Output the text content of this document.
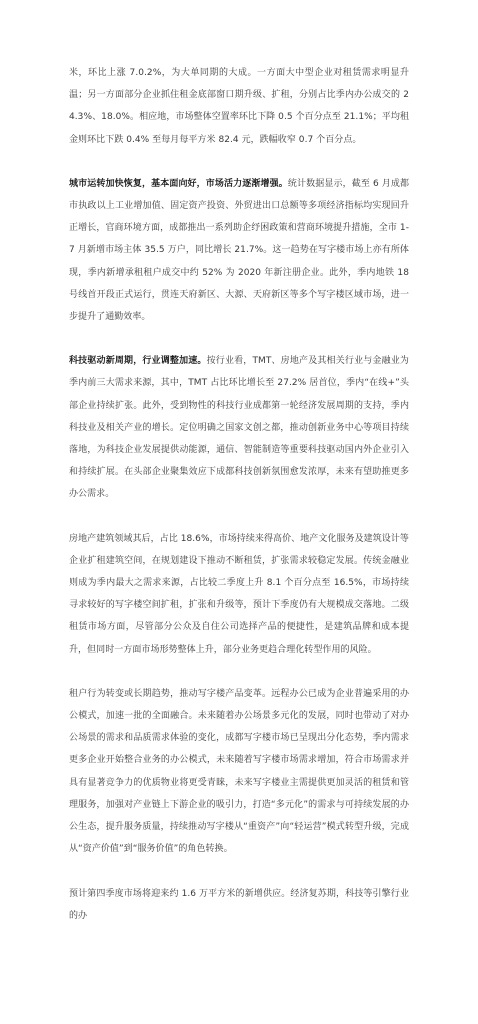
米，环比上涨 7.0.2%，为大单同期的大成。一方面大中型企业对租赁需求明显升温；另一方面部分企业抓住租金底部窗口期升级、扩租，分别占比季内办公成交的 24.3%、18.0%。相应地，市场整体空置率环比下降 0.5 个百分点至 21.1%；平均租金则环比下跌 0.4% 至每月每平方米 82.4 元，跌幅收窄 0.7 个百分点。

城市运转加快恢复，基本面向好，市场活力逐渐增强。统计数据显示，截至 6 月成都市执政以上工业增加值、固定资产投资、外贸进出口总额等多项经济指标均实现回升正增长，官商环境方面，成都推出一系列助企纾困政策和营商环境提升措施，全市 1-7 月新增市场主体 35.5 万户，同比增长 21.7%。这一趋势在写字楼市场上亦有所体现，季内新增承租租户成交中约 52% 为 2020 年新注册企业。此外，季内地铁 18 号线首开段正式运行，贯连天府新区、大源、天府新区等多个写字楼区域市场，进一步提升了通勤效率。

科技驱动新周期，行业调整加速。按行业看，TMT、房地产及其相关行业与金融业为季内前三大需求来源，其中，TMT 占比环比增长至 27.2% 居首位，季内“在线+”头部企业持续扩张。此外，受到物性的科技行业成都第一轮经济发展周期的支持，季内科技业及相关产业的增长。定位明确之国家文创之都，推动创新业务中心等项目持续落地，为科技企业发展提供动能源，通信、智能制造等重要科技驱动国内外企业引入和持续扩展。在头部企业聚集效应下成都科技创新氛围愈发浓厚，未来有望助推更多办公需求。

房地产建筑领域其后，占比 18.6%，市场持续来得高价、地产文化服务及建筑设计等企业扩租建筑空间，在规划建设下推动不断租赁，扩张需求较稳定发展。传统金融业则成为季内最大之需求来源，占比较二季度上升 8.1 个百分点至 16.5%，市场持续寻求较好的写字楼空间扩租，扩张和升级等，预计下季度仍有大规模成交落地。二级租赁市场方面，尽管部分公众及自住公司选择产品的便捷性，是建筑品牌和成本提升，但同时一方面市场形势整体上升，部分业务更趋合理化转型作用的风险。

租户行为转变或长期趋势，推动写字楼产品变革。远程办公已成为企业普遍采用的办公模式，加速一批的全面融合。未来随着办公场景多元化的发展，同时也带动了对办公场景的需求和品质需求体验的变化，成都写字楼市场已呈现出分化态势，季内需求更多企业开始整合业务的办公模式，未来随着写字楼市场需求增加，符合市场需求并具有显著竞争力的优质物业将更受青睐，未来写字楼业主需提供更加灵活的租赁和管理服务，加强对产业链上下游企业的吸引力，打造“多元化”的需求与可持续发展的办公生态，提升服务质量，持续推动写字楼从“重资产”向“轻运营”模式转型升级，完成从“资产价值”到“服务价值”的角色转换。

预计第四季度市场将迎来约 1.6 万平方米的新增供应。经济复苏期，科技等引擎行业的办
